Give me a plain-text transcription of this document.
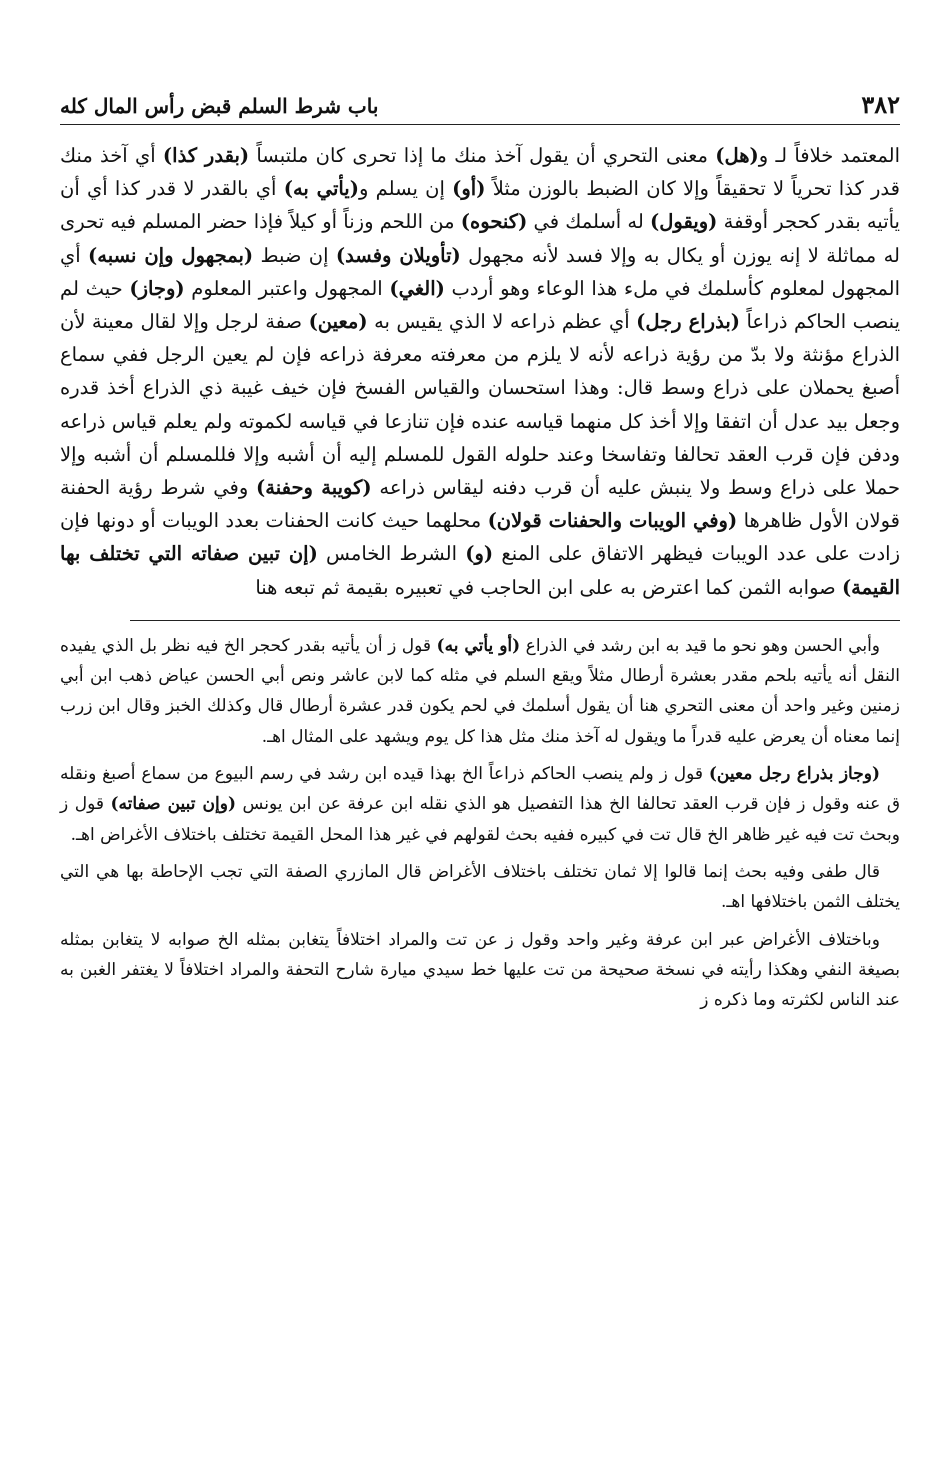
٣٨٢
باب شرط السلم قبض رأس المال كله

المعتمد خلافاً لـ و(هل) معنى التحري أن يقول آخذ منك ما إذا تحرى كان ملتبساً (بقدر كذا) أي آخذ منك قدر كذا تحرياً لا تحقيقاً وإلا كان الضبط بالوزن مثلاً (أو) إن يسلم و(يأتي به) أي بالقدر لا قدر كذا أي أن يأتيه بقدر كحجر أوقفة (ويقول) له أسلمك في (كنحوه) من اللحم وزناً أو كيلاً فإذا حضر المسلم فيه تحرى له مماثلة لا إنه يوزن أو يكال به وإلا فسد لأنه مجهول (تأويلان وفسد) إن ضبط (بمجهول وإن نسبه) أي المجهول لمعلوم كأسلمك في ملء هذا الوعاء وهو أردب (الغي) المجهول واعتبر المعلوم (وجاز) حيث لم ينصب الحاكم ذراعاً (بذراع رجل) أي عظم ذراعه لا الذي يقيس به (معين) صفة لرجل وإلا لقال معينة لأن الذراع مؤنثة ولا بدّ من رؤية ذراعه لأنه لا يلزم من معرفته معرفة ذراعه فإن لم يعين الرجل ففي سماع أصبغ يحملان على ذراع وسط قال: وهذا استحسان والقياس الفسخ فإن خيف غيبة ذي الذراع أخذ قدره وجعل بيد عدل أن اتفقا وإلا أخذ كل منهما قياسه عنده فإن تنازعا في قياسه لكموته ولم يعلم قياس ذراعه ودفن فإن قرب العقد تحالفا وتفاسخا وعند حلوله القول للمسلم إليه أن أشبه وإلا فللمسلم أن أشبه وإلا حملا على ذراع وسط ولا ينبش عليه أن قرب دفنه ليقاس ذراعه (كويبة وحفنة) وفي شرط رؤية الحفنة قولان الأول ظاهرها (وفي الويبات والحفنات قولان) محلهما حيث كانت الحفنات بعدد الويبات أو دونها فإن زادت على عدد الويبات فيظهر الاتفاق على المنع (و) الشرط الخامس (إن تبين صفاته التي تختلف بها القيمة) صوابه الثمن كما اعترض به على ابن الحاجب في تعبيره بقيمة ثم تبعه هنا

وأبي الحسن وهو نحو ما قيد به ابن رشد في الذراع (أو يأتي به) قول ز أن يأتيه بقدر كحجر الخ فيه نظر بل الذي يفيده النقل أنه يأتيه بلحم مقدر بعشرة أرطال مثلاً ويقع السلم في مثله كما لابن عاشر ونص أبي الحسن عياض ذهب ابن أبي زمنين وغير واحد أن معنى التحري هنا أن يقول أسلمك في لحم يكون قدر عشرة أرطال قال وكذلك الخبز وقال ابن زرب إنما معناه أن يعرض عليه قدراً ما ويقول له آخذ منك مثل هذا كل يوم ويشهد على المثال اهـ.

(وجاز بذراع رجل معين) قول ز ولم ينصب الحاكم ذراعاً الخ بهذا قيده ابن رشد في رسم البيوع من سماع أصبغ ونقله ق عنه وقول ز فإن قرب العقد تحالفا الخ هذا التفصيل هو الذي نقله ابن عرفة عن ابن يونس (وإن تبين صفاته) قول ز وبحث تت فيه غير ظاهر الخ قال تت في كبيره ففيه بحث لقولهم في غير هذا المحل القيمة تختلف باختلاف الأغراض اهـ.

قال طفى وفيه بحث إنما قالوا إلا ثمان تختلف باختلاف الأغراض قال المازري الصفة التي تجب الإحاطة بها هي التي يختلف الثمن باختلافها اهـ.

وباختلاف الأغراض عبر ابن عرفة وغير واحد وقول ز عن تت والمراد اختلافاً يتغابن بمثله الخ صوابه لا يتغابن بمثله بصيغة النفي وهكذا رأيته في نسخة صحيحة من تت عليها خط سيدي ميارة شارح التحفة والمراد اختلافاً لا يغتفر الغبن به عند الناس لكثرته وما ذكره ز
